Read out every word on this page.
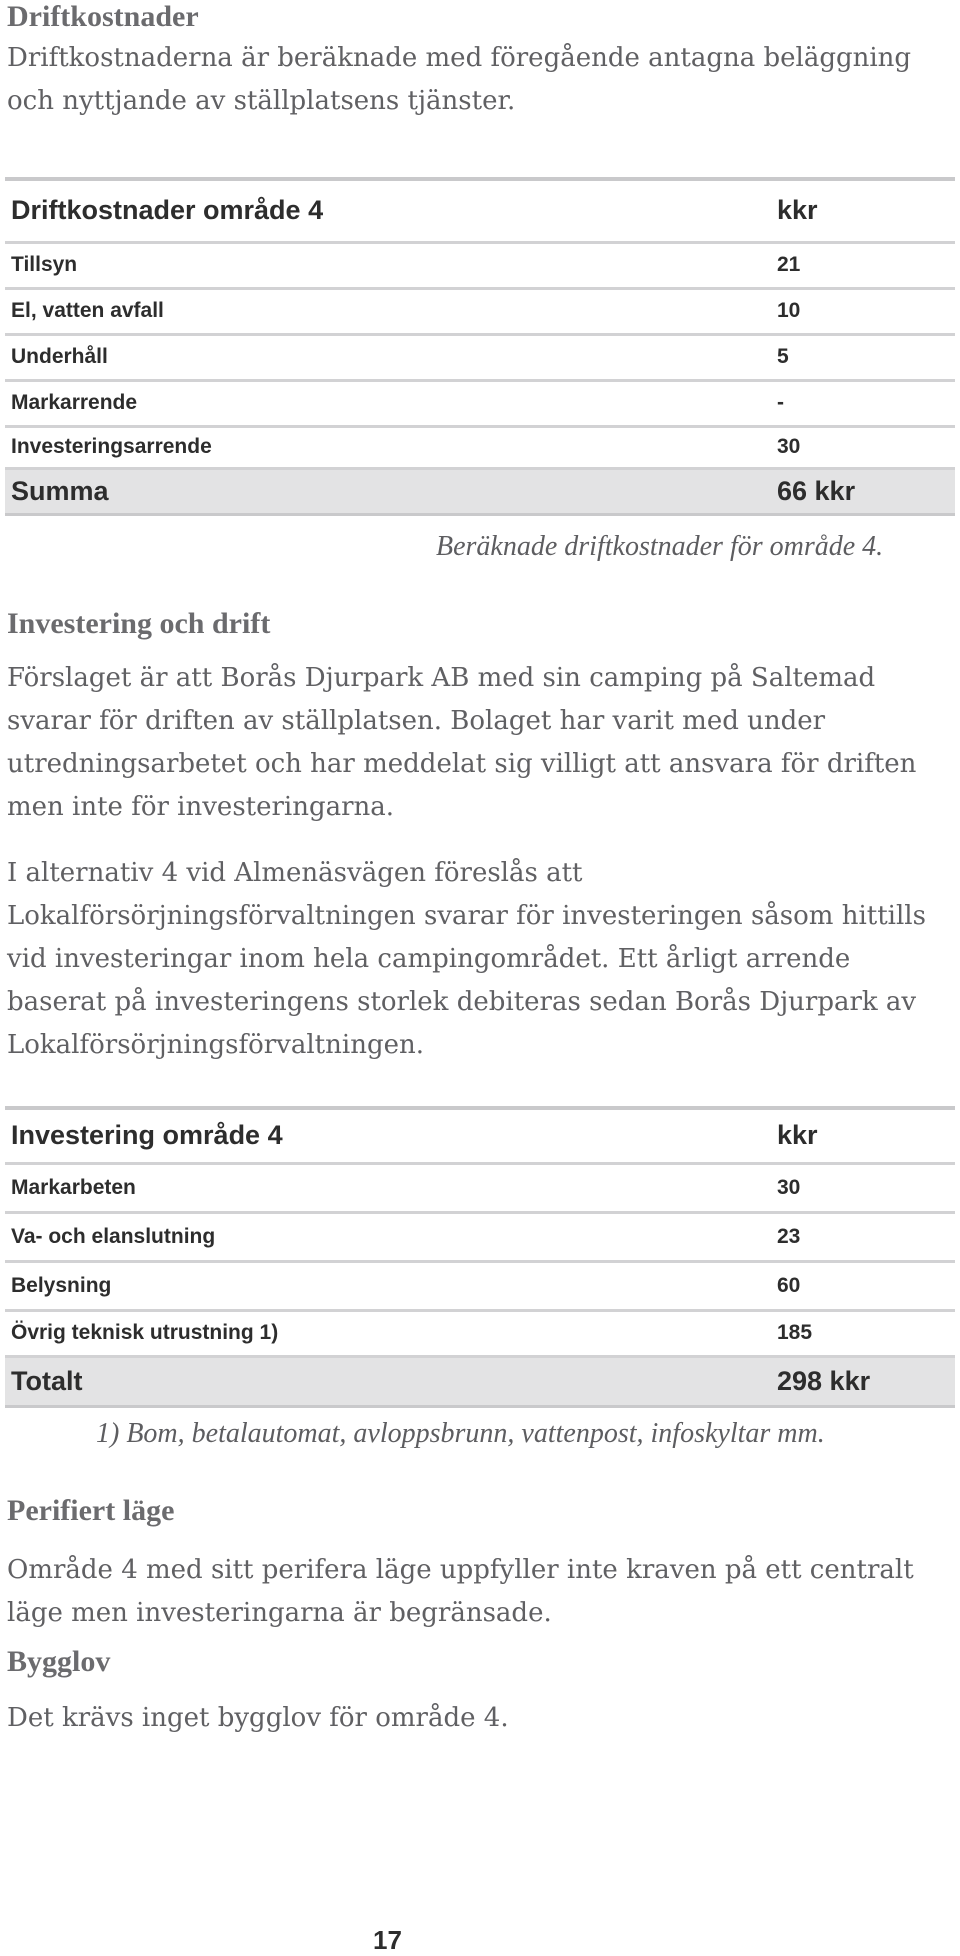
Driftkostnader

Driftkostnaderna är beräknade med föregående antagna beläggning och nyttjande av ställplatsens tjänster.

Driftkostnader område 4	kkr
Tillsyn	21
El, vatten avfall	10
Underhåll	5
Markarrende	-
Investeringsarrende	30
Summa	66 kkr

Beräknade driftkostnader för område 4.

Investering och drift

Förslaget är att Borås Djurpark AB med sin camping på Saltemad svarar för driften av ställplatsen. Bolaget har varit med under utredningsarbetet och har meddelat sig villigt att ansvara för driften men inte för investeringarna.

I alternativ 4 vid Almenäsvägen föreslås att Lokalförsörjningsförvaltningen svarar för investeringen såsom hittills vid investeringar inom hela campingområdet. Ett årligt arrende baserat på investeringens storlek debiteras sedan Borås Djurpark av Lokalförsörjningsförvaltningen.

Investering område 4	kkr
Markarbeten	30
Va- och elanslutning	23
Belysning	60
Övrig teknisk utrustning 1)	185
Totalt	298 kkr

1) Bom, betalautomat, avloppsbrunn, vattenpost, infoskyltar mm.

Perifiert läge

Område 4 med sitt perifera läge uppfyller inte kraven på ett centralt läge men investeringarna är begränsade.

Bygglov

Det krävs inget bygglov för område 4.

17
